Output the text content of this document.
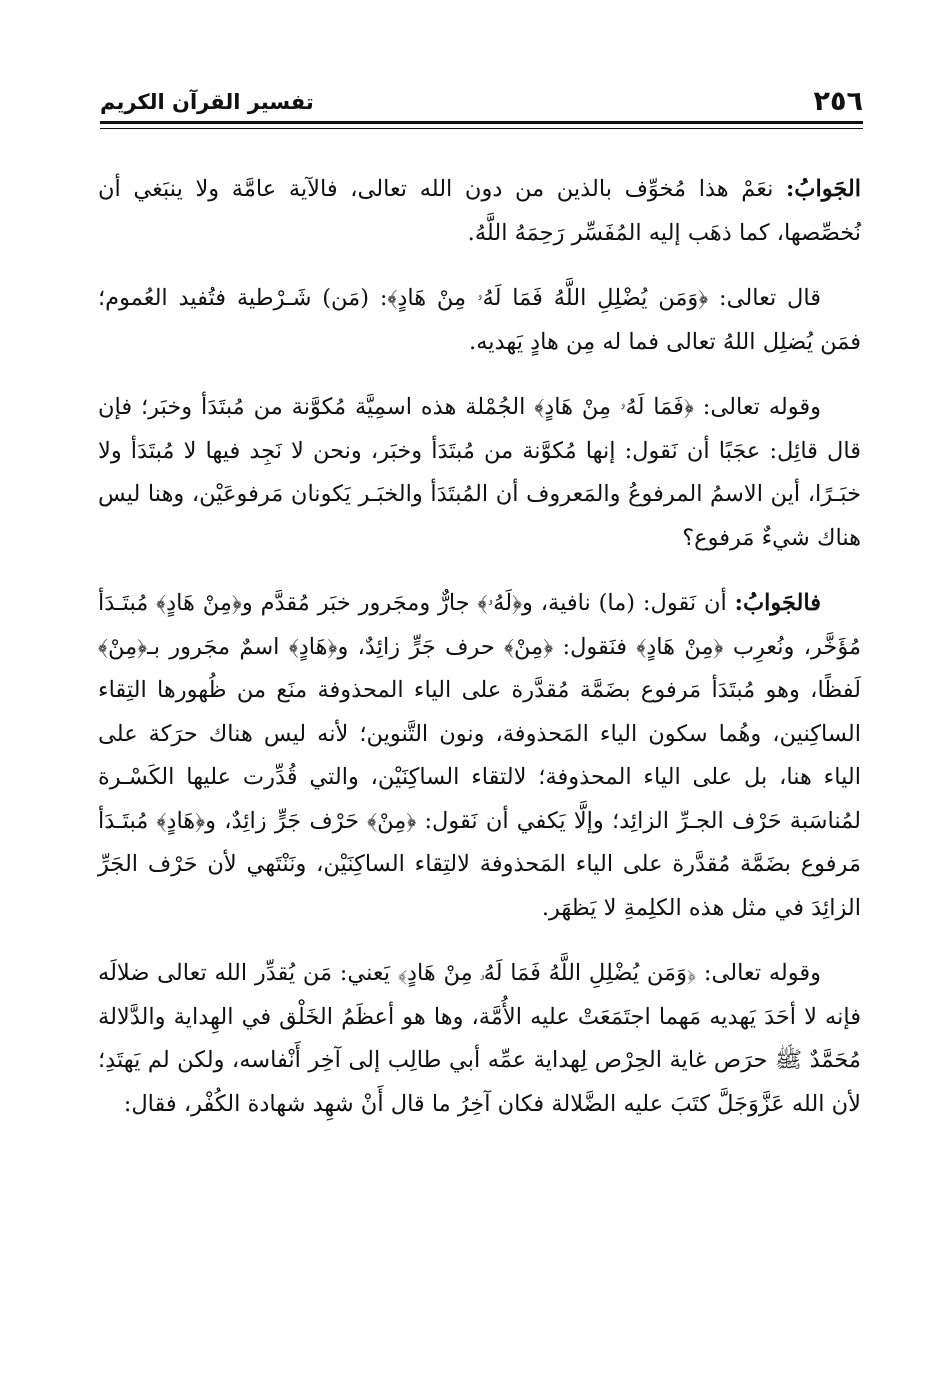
٢٥٦
تفسير القرآن الكريم

الجَوابُ: نعَمْ هذا مُخوِّف بالذين من دون الله تعالى، فالآية عامَّة ولا ينبَغي أن نُخصِّصها، كما ذهَب إليه المُفَسِّر رَحِمَهُ اللَّهُ.

قال تعالى: ﴿وَمَن يُضْلِلِ اللَّهُ فَمَا لَهُۥ مِنْ هَادٍ﴾: (مَن) شَـرْطية فتُفيد العُموم؛ فمَن يُضلِل اللهُ تعالى فما له مِن هادٍ يَهديه.

وقوله تعالى: ﴿فَمَا لَهُۥ مِنْ هَادٍ﴾ الجُمْلة هذه اسمِيَّة مُكوَّنة من مُبتَدَأ وخبَر؛ فإن قال قائِل: عجَبًا أن نَقول: إنها مُكوَّنة من مُبتَدَأ وخبَر، ونحن لا نَجِد فيها لا مُبتَدَأ ولا خبَـرًا، أين الاسمُ المرفوعُ والمَعروف أن المُبتَدَأ والخبَـر يَكونان مَرفوعَيْن، وهنا ليس هناك شيءٌ مَرفوع؟

فالجَوابُ: أن نَقول: (ما) نافية، و﴿لَهُۥ﴾ جارٌّ ومجَرور خبَر مُقدَّم و﴿مِنْ هَادٍ﴾ مُبتَـدَأ مُؤَخَّر، ونُعرِب ﴿مِنْ هَادٍ﴾ فنَقول: ﴿مِنْ﴾ حرف جَرٍّ زائِدٌ، و﴿هَادٍ﴾ اسمٌ مجَرور بـ﴿مِنْ﴾ لَفظًا، وهو مُبتَدَأ مَرفوع بضَمَّة مُقدَّرة على الياء المحذوفة منَع من ظُهورها التِقاء الساكِنين، وهُما سكون الياء المَحذوفة، ونون التَّنوين؛ لأنه ليس هناك حرَكة على الياء هنا، بل على الياء المحذوفة؛ لالتقاء الساكِنَيْن، والتي قُدِّرت عليها الكَسْـرة لمُناسَبة حَرْف الجـرِّ الزائِد؛ وإلَّا يَكفي أن نَقول: ﴿مِنْ﴾ حَرْف جَرٍّ زائِدٌ، و﴿هَادٍ﴾ مُبتَـدَأ مَرفوع بضَمَّة مُقدَّرة على الياء المَحذوفة لالتِقاء الساكِنَيْن، ونَنْتَهي لأن حَرْف الجَرِّ الزائِدَ في مثل هذه الكلِمةِ لا يَظهَر.

وقوله تعالى: ﴿وَمَن يُضْلِلِ اللَّهُ فَمَا لَهُۥ مِنْ هَادٍ﴾ يَعني: مَن يُقدِّر الله تعالى ضلالَه فإنه لا أحَدَ يَهديه مَهما اجتَمَعَتْ عليه الأُمَّة، وها هو أعظَمُ الخَلْق في الهِداية والدَّلالة مُحَمَّدٌ ﷺ حرَص غاية الحِرْص لِهداية عمِّه أبي طالِب إلى آخِر أَنْفاسه، ولكن لم يَهتَدِ؛ لأن الله عَزَّوَجَلَّ كتَبَ عليه الضَّلالة فكان آخِرُ ما قال أَنْ شهِد شهادة الكُفْر، فقال:
